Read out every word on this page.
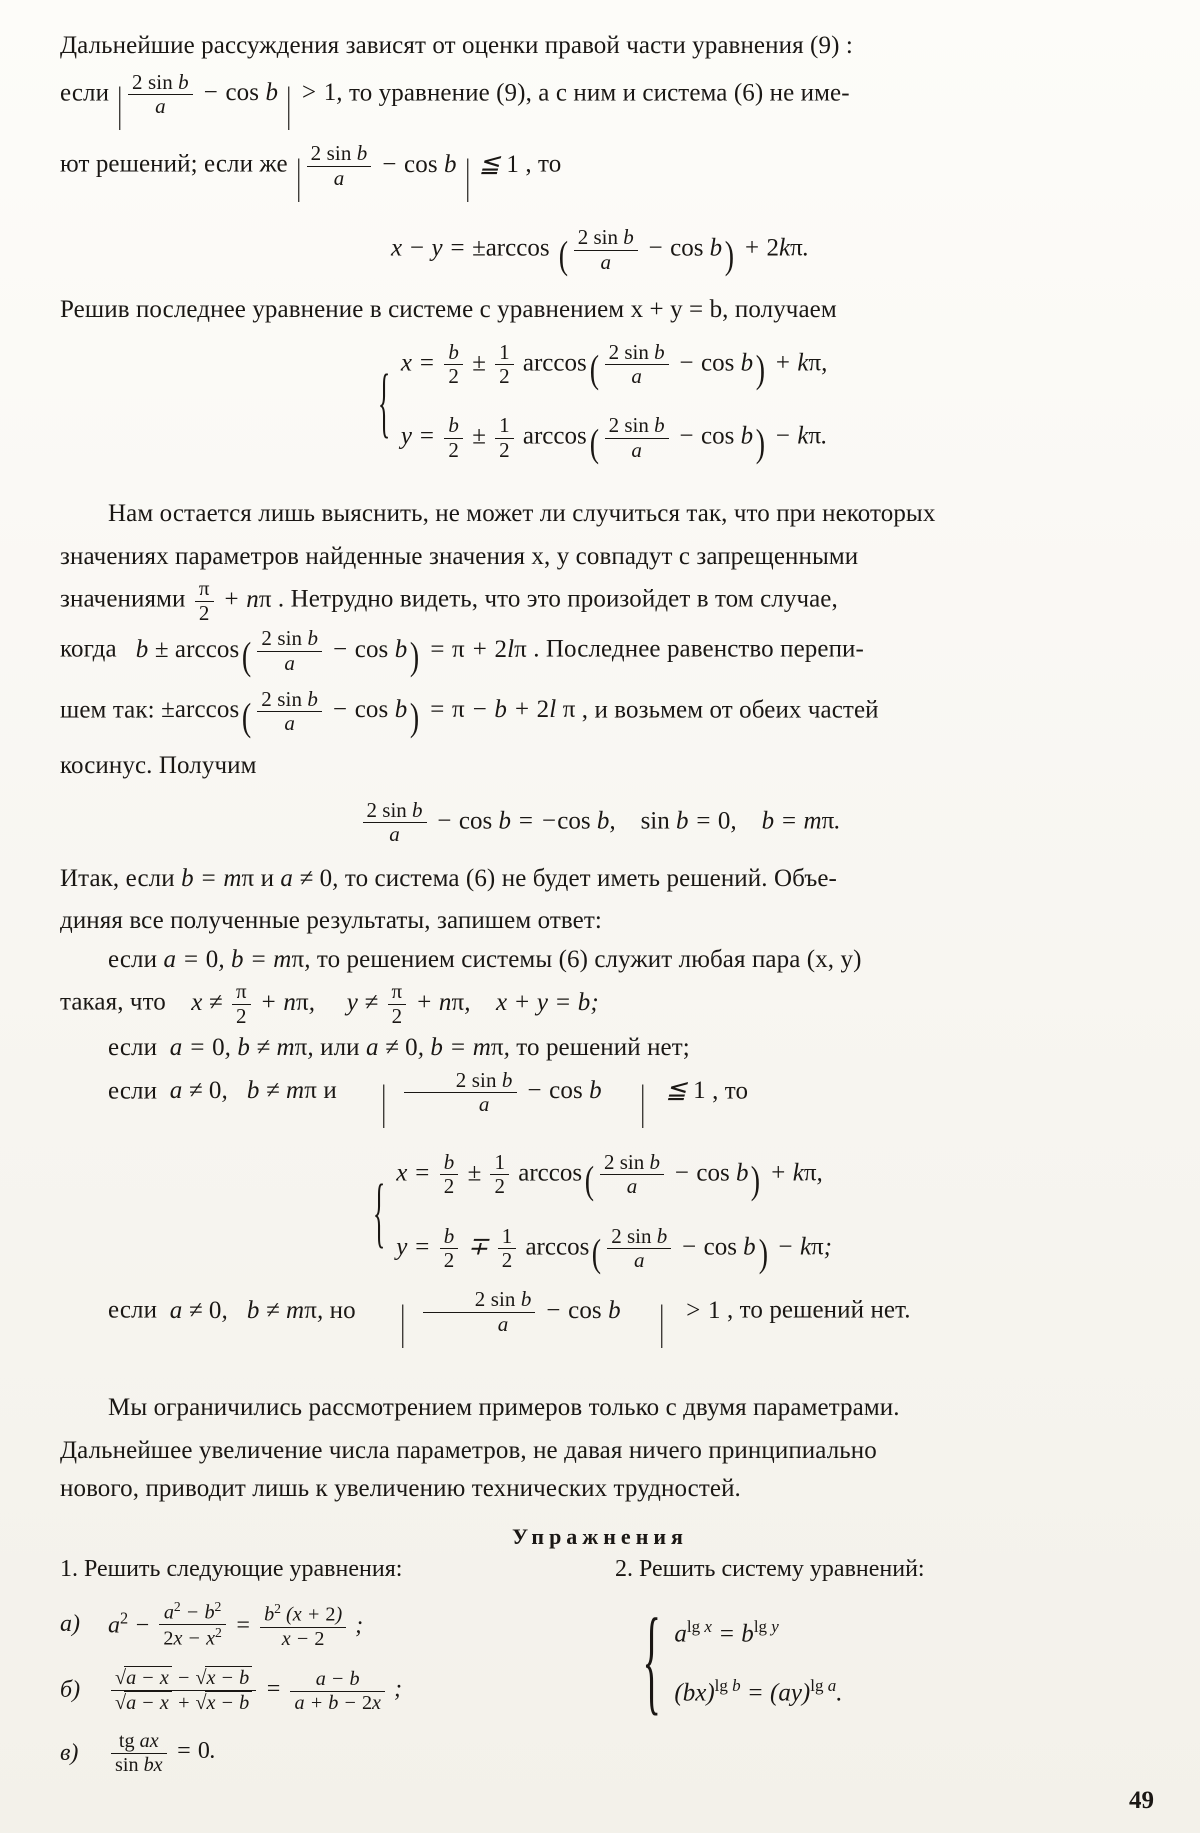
Дальнейшие рассуждения зависят от оценки правой части уравнения (9) :

если | $\frac{\text{2 sin b}}{a} - \cos b$ | > 1, то уравнение (9), а с ним и система (6) не име-

ют решений; если же | $\frac{\text{2 sin b}}{a} - \cos b$ | ≦ 1 , то

x − y = ±arccos ( $\frac{\text{2 sin b}}{a} - \cos b) + 2k\pi$.

Решив последнее уравнение в системе с уравнением x + y = b, получаем

{ $x = \frac{b}{2} \pm \frac{1}{2} \arccos( \frac{\text{2 sin b}}{a} - \cos b) + k\pi$,
$y = \frac{b}{2} \pm \frac{1}{2} \arccos( \frac{\text{2 sin b}}{a} - \cos b) - k\pi$.

Нам остается лишь выяснить, не может ли случиться так, что при некоторых

значениях параметров найденные значения x, y совпадут с запрещенными

значениями $\frac{\pi}{2} + n\pi$ . Нетрудно видеть, что это произойдет в том случае,

когда   $b \pm \arccos( \frac{\text{2 sin b}}{a} - \cos b) = \pi + 2l\pi$ . Последнее равенство перепи-

шем так: $\pm\arccos( \frac{\text{2 sin b}}{a} - \cos b) = \pi - b + 2l$ π , и возьмем от обеих частей

косинус. Получим

$\frac{\text{2 sin b}}{a} - \cos b = -\cos$ b,    sin b = 0,    b = mπ.

Итак, если b = mπ и a ≠ 0, то система (6) не будет иметь решений. Объе-

диняя все полученные результаты, запишем ответ:

если a = 0, b = mπ, то решением системы (6) служит любая пара (x, y)

такая, что    $x \ne \frac{\pi}{2} + n\pi$,     $y \ne \frac{\pi}{2} + n\pi$,    x + y = b;

если  a = 0, b ≠ mπ, или a ≠ 0, b = mπ, то решений нет;

если  a ≠ 0,   b ≠ mπ и | $\frac{\text{2 sin b}}{a} - \cos b$ | ≦ 1 , то

{ $x = \frac{b}{2} \pm \frac{1}{2} \arccos( \frac{\text{2 sin b}}{a} - \cos b) + k\pi$,
$y = \frac{b}{2} \mp \frac{1}{2} \arccos( \frac{\text{2 sin b}}{a} - \cos b) - k\pi$;

если  a ≠ 0,   b ≠ mπ, но | $\frac{\text{2 sin b}}{a} - \cos b$ | > 1 , то решений нет.

Мы ограничились рассмотрением примеров только с двумя параметрами.

Дальнейшее увеличение числа параметров, не давая ничего принципиально

нового, приводит лишь к увеличению технических трудностей.

Упражнения
1. Решить следующие уравнения:
а)	$a^2 - \frac{a^2 - b^2}{2x - x^2} = \frac{b^2 (x + 2)}{x - 2}$ ;
б) √	a − x − √ x − b
√ a − x + √ $x - b = \frac{a - b}{a + b - 2x}$ ;
в)	$\frac{\text{tg ax}}{\text{sin bx}} = 0$.
2. Решить систему уравнений:
{ $a^{lg x} = b^{lg y}$
(bx)$^{lg b}$ = (ay)$^{lg a}$.
49
